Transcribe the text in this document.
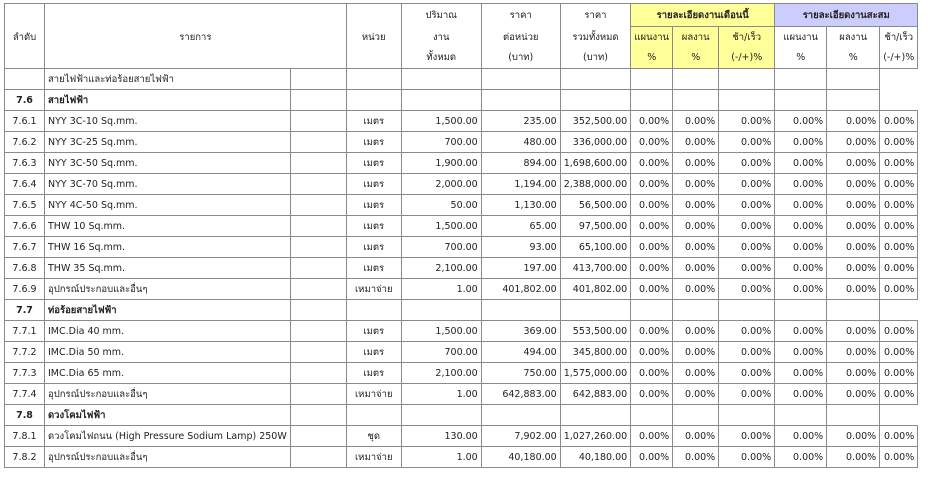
				ปริมาณ	ราคา	ราคา	รายละเอียดงานเดือนนี้			รายละเอียดงานสะสม		
ลำดับ	รายการ		หน่วย	งาน	ต่อหน่วย	รวมทั้งหมด	แผนงาน	ผลงาน	ช้า/เร็ว	แผนงาน	ผลงาน	ช้า/เร็ว
				ทั้งหมด	(บาท)	(บาท)	%	%	(-/+)%	%	%	(-/+)%
	สายไฟฟ้าและท่อร้อยสายไฟฟ้า											
7.6	สายไฟฟ้า											
7.6.1	NYY 3C-10 Sq.mm.		เมตร	1,500.00	235.00	352,500.00	0.00%	0.00%	0.00%	0.00%	0.00%	0.00%
7.6.2	NYY 3C-25 Sq.mm.		เมตร	700.00	480.00	336,000.00	0.00%	0.00%	0.00%	0.00%	0.00%	0.00%
7.6.3	NYY 3C-50 Sq.mm.		เมตร	1,900.00	894.00	1,698,600.00	0.00%	0.00%	0.00%	0.00%	0.00%	0.00%
7.6.4	NYY 3C-70 Sq.mm.		เมตร	2,000.00	1,194.00	2,388,000.00	0.00%	0.00%	0.00%	0.00%	0.00%	0.00%
7.6.5	NYY 4C-50 Sq.mm.		เมตร	50.00	1,130.00	56,500.00	0.00%	0.00%	0.00%	0.00%	0.00%	0.00%
7.6.6	THW 10 Sq.mm.		เมตร	1,500.00	65.00	97,500.00	0.00%	0.00%	0.00%	0.00%	0.00%	0.00%
7.6.7	THW 16 Sq.mm.		เมตร	700.00	93.00	65,100.00	0.00%	0.00%	0.00%	0.00%	0.00%	0.00%
7.6.8	THW 35 Sq.mm.		เมตร	2,100.00	197.00	413,700.00	0.00%	0.00%	0.00%	0.00%	0.00%	0.00%
7.6.9	อุปกรณ์ประกอบและอื่นๆ		เหมาจ่าย	1.00	401,802.00	401,802.00	0.00%	0.00%	0.00%	0.00%	0.00%	0.00%
7.7	ท่อร้อยสายไฟฟ้า											
7.7.1	IMC.Dia 40 mm.		เมตร	1,500.00	369.00	553,500.00	0.00%	0.00%	0.00%	0.00%	0.00%	0.00%
7.7.2	IMC.Dia 50 mm.		เมตร	700.00	494.00	345,800.00	0.00%	0.00%	0.00%	0.00%	0.00%	0.00%
7.7.3	IMC.Dia 65 mm.		เมตร	2,100.00	750.00	1,575,000.00	0.00%	0.00%	0.00%	0.00%	0.00%	0.00%
7.7.4	อุปกรณ์ประกอบและอื่นๆ		เหมาจ่าย	1.00	642,883.00	642,883.00	0.00%	0.00%	0.00%	0.00%	0.00%	0.00%
7.8	ดวงโคมไฟฟ้า											
7.8.1	ดวงโคมไฟถนน (High Pressure Sodium Lamp) 250W		ชุด	130.00	7,902.00	1,027,260.00	0.00%	0.00%	0.00%	0.00%	0.00%	0.00%
7.8.2	อุปกรณ์ประกอบและอื่นๆ		เหมาจ่าย	1.00	40,180.00	40,180.00	0.00%	0.00%	0.00%	0.00%	0.00%	0.00%
